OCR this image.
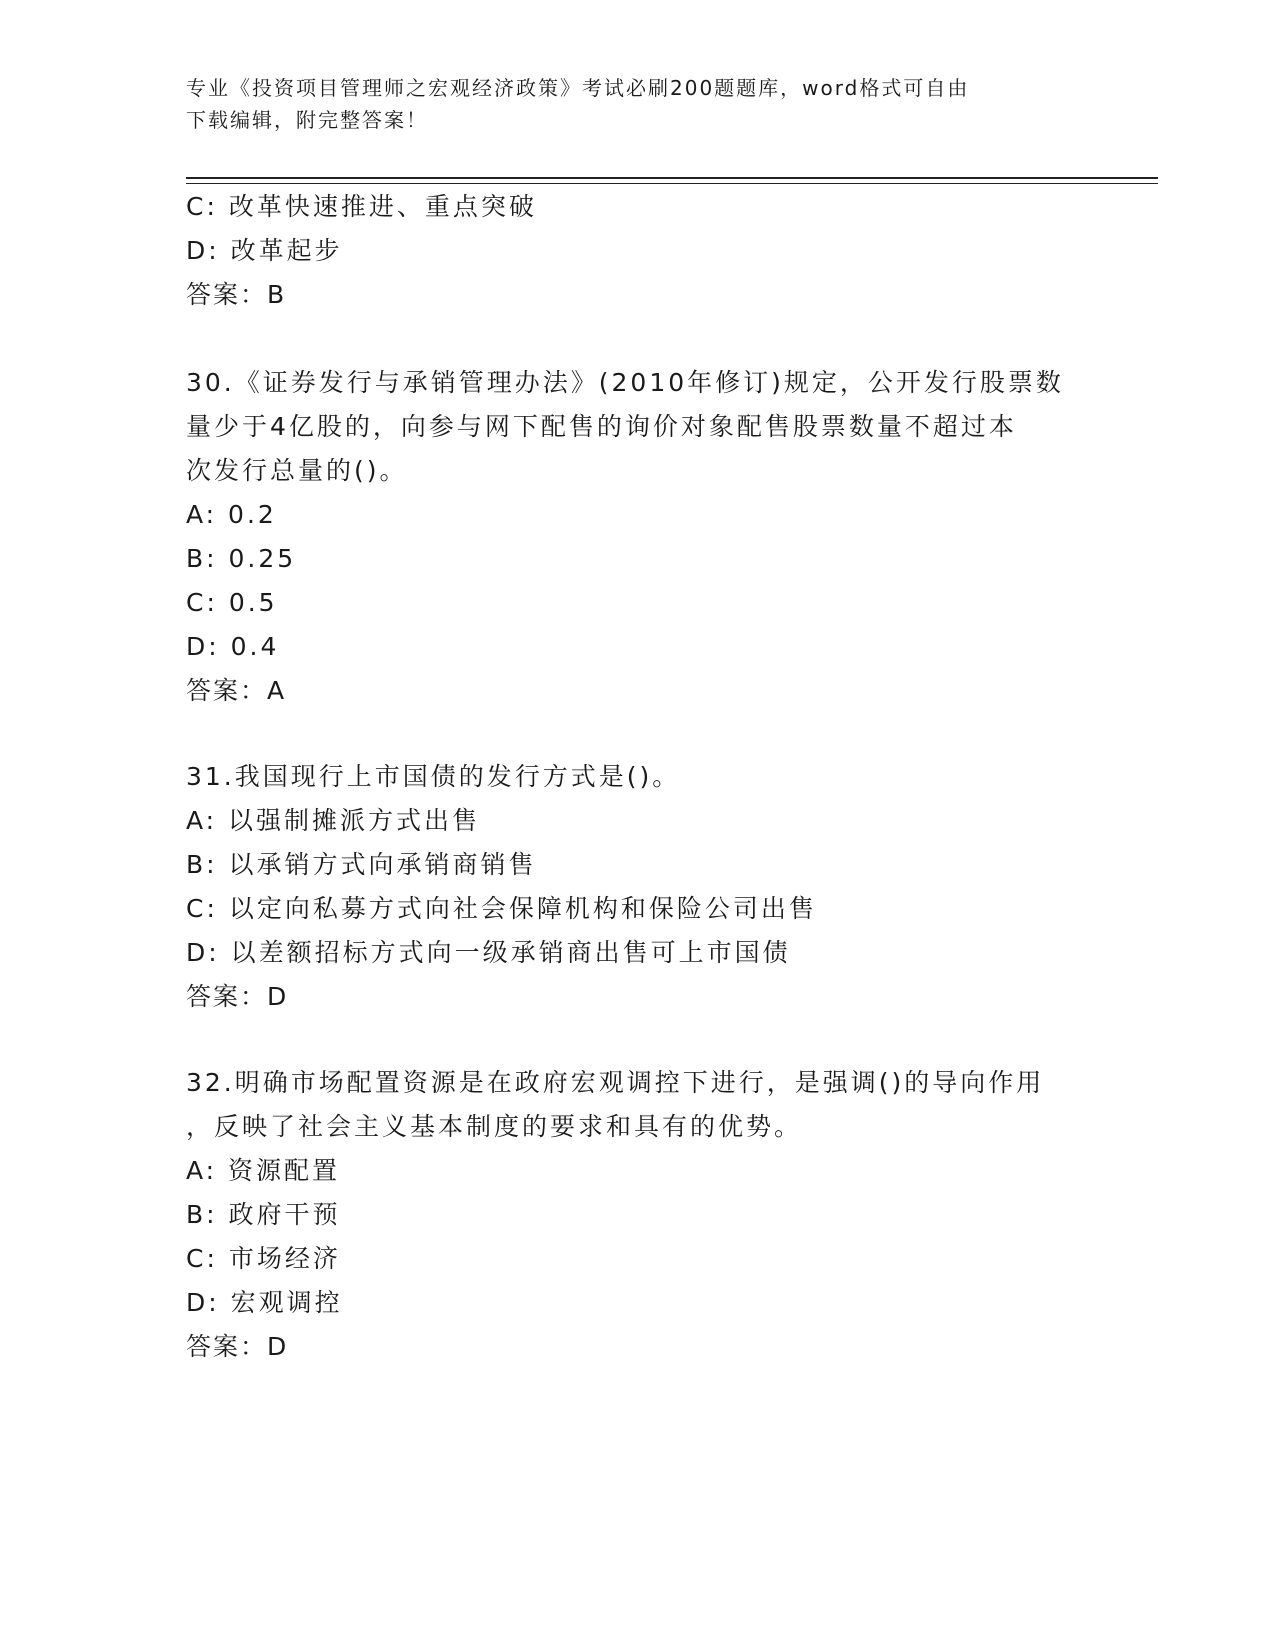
专业《投资项目管理师之宏观经济政策》考试必刷200题题库，word格式可自由
下载编辑，附完整答案！
C: 改革快速推进、重点突破
D: 改革起步
答案：B
30.《证券发行与承销管理办法》(2010年修订)规定，公开发行股票数
量少于4亿股的，向参与网下配售的询价对象配售股票数量不超过本
次发行总量的()。
A: 0.2
B: 0.25
C: 0.5
D: 0.4
答案：A
31.我国现行上市国债的发行方式是()。
A: 以强制摊派方式出售
B: 以承销方式向承销商销售
C: 以定向私募方式向社会保障机构和保险公司出售
D: 以差额招标方式向一级承销商出售可上市国债
答案：D
32.明确市场配置资源是在政府宏观调控下进行，是强调()的导向作用
，反映了社会主义基本制度的要求和具有的优势。
A: 资源配置
B: 政府干预
C: 市场经济
D: 宏观调控
答案：D
